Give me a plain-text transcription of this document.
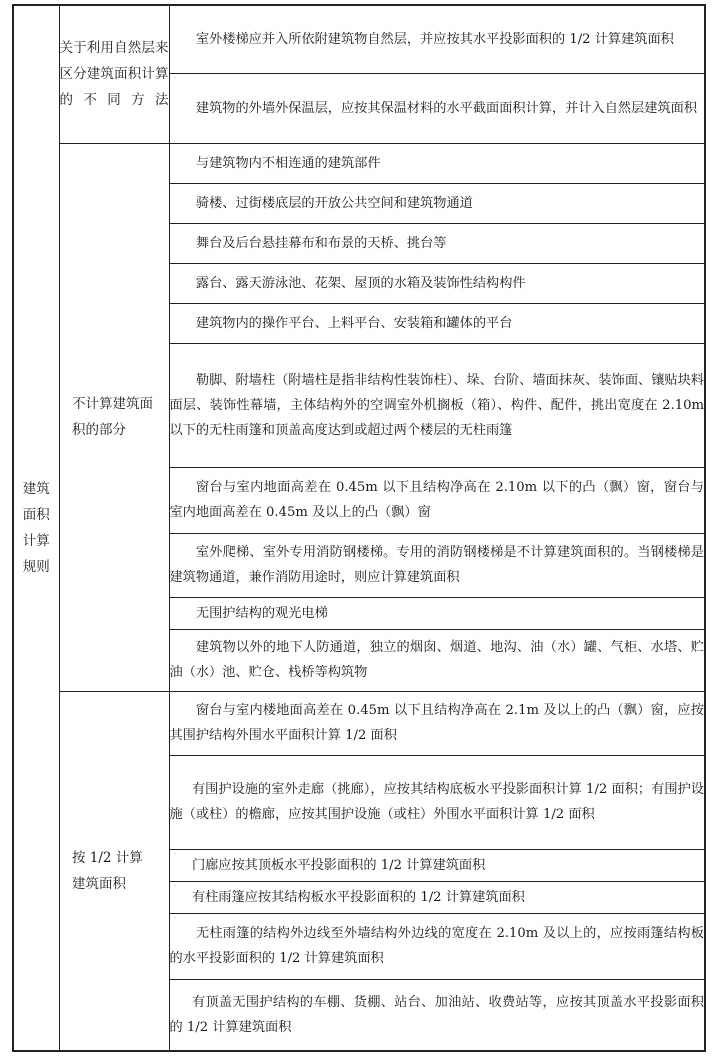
建筑面积计算规则	关于利用自然层来区分建筑面积计算的不同方法	室外楼梯应并入所依附建筑物自然层，并应按其水平投影面积的 1/2 计算建筑面积

		建筑物的外墙外保温层，应按其保温材料的水平截面面积计算，并计入自然层建筑面积

	不计算建筑面积的部分	与建筑物内不相连通的建筑部件

		骑楼、过街楼底层的开放公共空间和建筑物通道

		舞台及后台悬挂幕布和布景的天桥、挑台等

		露台、露天游泳池、花架、屋顶的水箱及装饰性结构构件

		建筑物内的操作平台、上料平台、安装箱和罐体的平台

		勒脚、附墙柱（附墙柱是指非结构性装饰柱）、垛、台阶、墙面抹灰、装饰面、镶贴块料面层、装饰性幕墙，主体结构外的空调室外机搁板（箱）、构件、配件，挑出宽度在 2.10m 以下的无柱雨篷和顶盖高度达到或超过两个楼层的无柱雨篷

		窗台与室内地面高差在 0.45m 以下且结构净高在 2.10m 以下的凸（飘）窗，窗台与室内地面高差在 0.45m 及以上的凸（飘）窗

		室外爬梯、室外专用消防钢楼梯。专用的消防钢楼梯是不计算建筑面积的。当钢楼梯是建筑物通道，兼作消防用途时，则应计算建筑面积

		无围护结构的观光电梯

		建筑物以外的地下人防通道，独立的烟囱、烟道、地沟、油（水）罐、气柜、水塔、贮油（水）池、贮仓、栈桥等构筑物

	按 1/2 计算建筑面积	窗台与室内楼地面高差在 0.45m 以下且结构净高在 2.1m 及以上的凸（飘）窗，应按其围护结构外围水平面积计算 1/2 面积

		有围护设施的室外走廊（挑廊），应按其结构底板水平投影面积计算 1/2 面积；有围护设施（或柱）的檐廊，应按其围护设施（或柱）外围水平面积计算 1/2 面积

		门廊应按其顶板水平投影面积的 1/2 计算建筑面积

		有柱雨篷应按其结构板水平投影面积的 1/2 计算建筑面积

		无柱雨篷的结构外边线至外墙结构外边线的宽度在 2.10m 及以上的，应按雨篷结构板的水平投影面积的 1/2 计算建筑面积

		有顶盖无围护结构的车棚、货棚、站台、加油站、收费站等，应按其顶盖水平投影面积的 1/2 计算建筑面积
